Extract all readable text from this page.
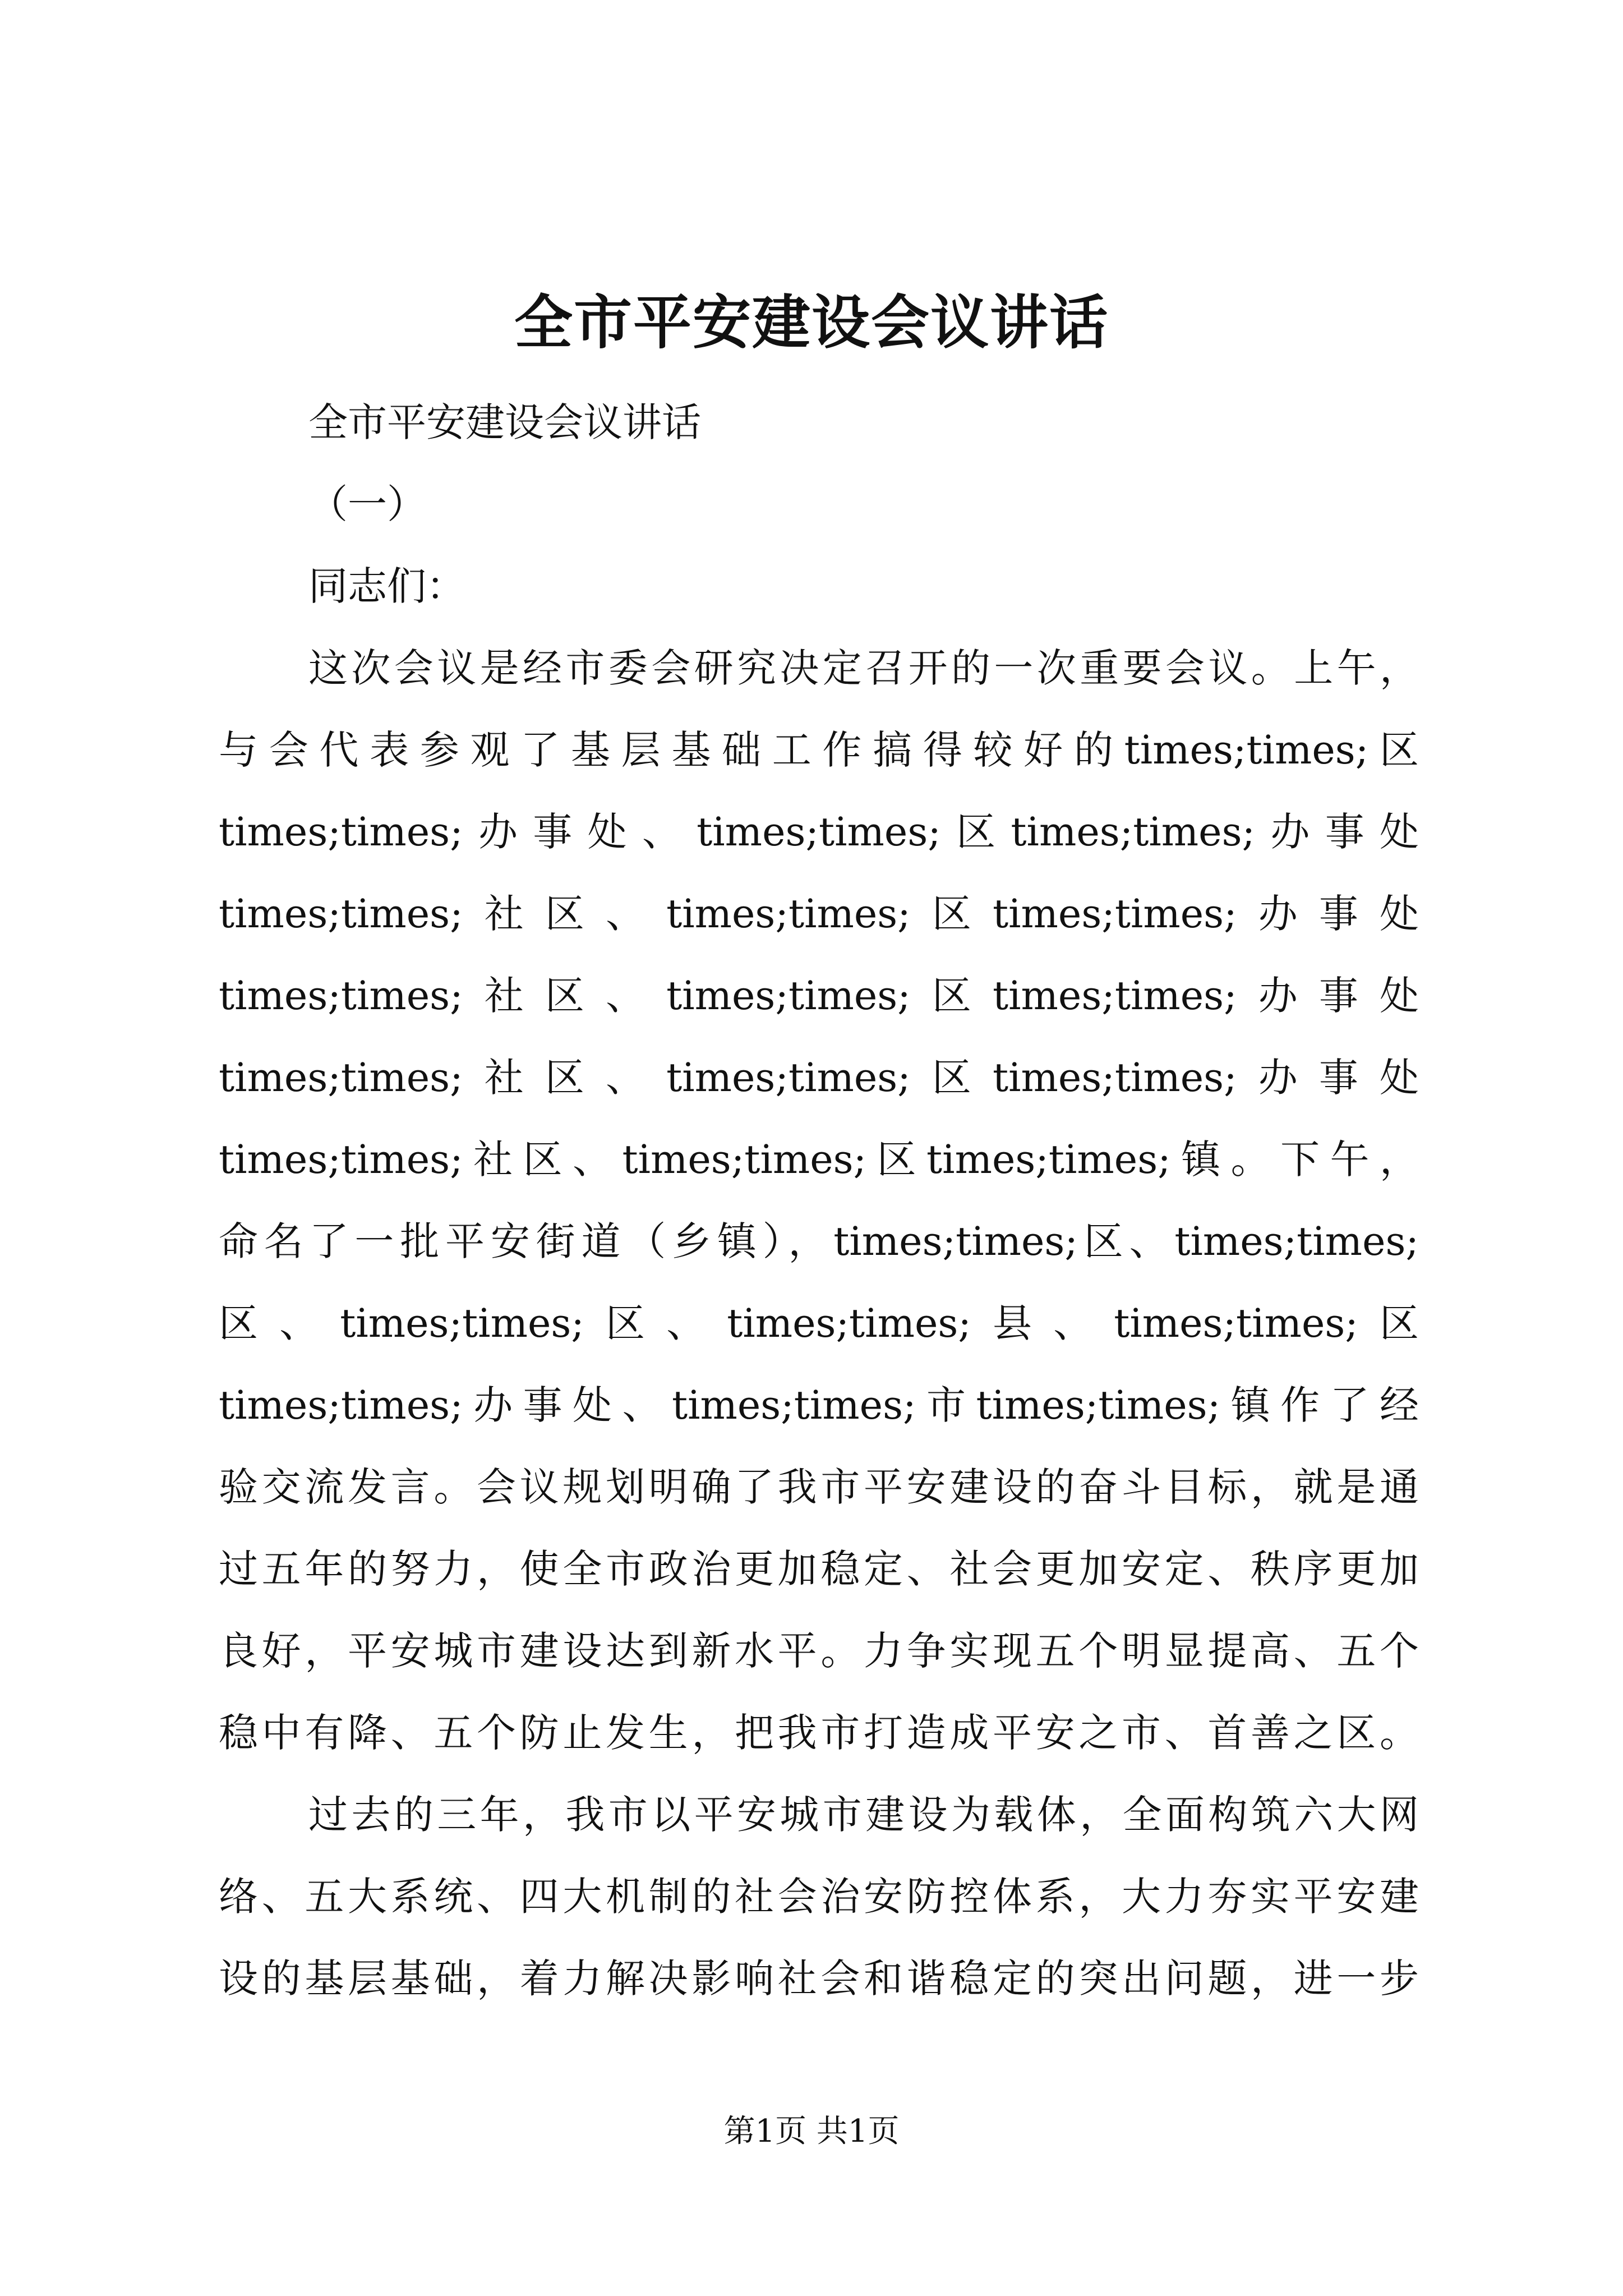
全市平安建设会议讲话
全市平安建设会议讲话
（一）
同志们：
这次会议是经市委会研究决定召开的一次重要会议。上午，
与会代表参观了基层基础工作搞得较好的times;times;区
times;times;办事处、times;times;区times;times;办事处
times;times;社区、times;times;区times;times;办事处
times;times;社区、times;times;区times;times;办事处
times;times;社区、times;times;区times;times;办事处
times;times;社区、times;times;区times;times;镇。下午，
命名了一批平安街道（乡镇），times;times;区、times;times;
区、times;times;区、times;times;县、times;times;区
times;times;办事处、times;times;市times;times;镇作了经
验交流发言。会议规划明确了我市平安建设的奋斗目标，就是通
过五年的努力，使全市政治更加稳定、社会更加安定、秩序更加
良好，平安城市建设达到新水平。力争实现五个明显提高、五个
稳中有降、五个防止发生，把我市打造成平安之市、首善之区。
过去的三年，我市以平安城市建设为载体，全面构筑六大网
络、五大系统、四大机制的社会治安防控体系，大力夯实平安建
设的基层基础，着力解决影响社会和谐稳定的突出问题，进一步
第1页 共1页
